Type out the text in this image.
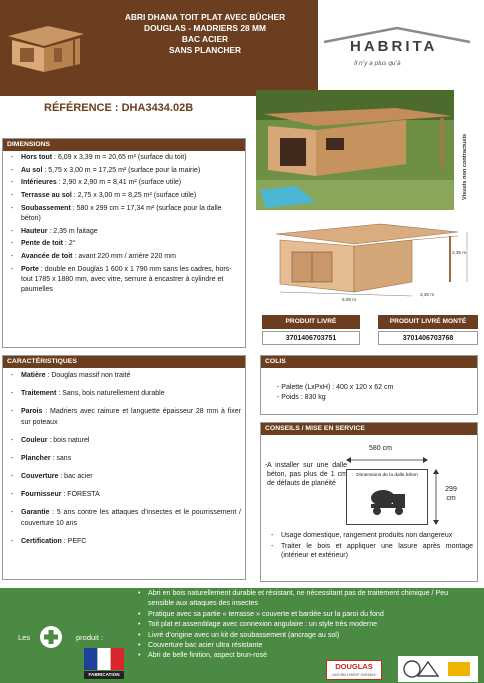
ABRI DHANA TOIT PLAT AVEC BÛCHER
DOUGLAS - MADRIERS 28 MM
BAC ACIER
SANS PLANCHER
RÉFÉRENCE : DHA3434.02B
HABRITA
Il n’y a plus qu’à
Visuels non contractuels
2,35 m
6,09 m
3,39 m
DIMENSIONS
- Hors tout : 6,09 x 3,39 m = 20,65 m² (surface du toit)
- Au sol : 5,75 x 3,00 m = 17,25 m² (surface pour la mairie)
- Intérieures : 2,90 x 2,90 m = 8,41 m² (surface utile)
- Terrasse au sol : 2,75 x 3,00 m = 8,25 m² (surface utile)
- Soubassement : 580 x 299 cm = 17,34 m² (surface pour la dalle béton)
- Hauteur : 2,35 m faitage
- Pente de toit : 2°
- Avancée de toit : avant 220 mm / arrière 220 mm
- Porte : double en Douglas 1 600 x 1 790 mm sans les cadres, hors-tout 1785 x 1880 mm, avec vitre, serrure à encastrer à cylindre et paumelles
PRODUIT LIVRÉ
3701406703751
PRODUIT LIVRÉ MONTÉ
3701406703768
CARACTÉRISTIQUES
- Matière : Douglas massif non traité
- Traitement : Sans, bois naturellement durable
- Parois : Madriers avec rainure et languette épaisseur 28 mm à fixer sur poteaux
- Couleur : bois naturel
- Plancher : sans
- Couverture : bac acier
- Fournisseur : FORESTA
- Garantie : 5 ans contre les attaques d’insectes et le pourrissement / couverture 10 ans
- Certification : PEFC
COLIS
- Palette (LxPxH) : 400 x 120 x 62 cm
- Poids : 830 kg
CONSEILS / MISE EN SERVICE
580 cm
- A installer sur une dalle béton, pas plus de 1 cm de défauts de planéité
Dimensions de la dalle béton
299 cm
- Usage domestique, rangement produits non dangereux
- Traiter le bois et appliquer une lasure après montage (intérieur et extérieur)
Les	produit :
FABRICATION
• Abri en bois naturellement durable et résistant, ne nécessitant pas de traitement chimique / Peu sensible aux attaques des insectes
• Pratique avec sa partie « terrasse » couverte et bardée sur la paroi du fond
• Toit plat et assemblage avec connexion angulaire : un style très moderne
• Livré d’origine avec un kit de soubassement (ancrage au sol)
• Couverture bac acier ultra résistante
• Abri de belle finition, aspect brun-rosé
DOUGLAS
NATURELLEMENT DURABLE
